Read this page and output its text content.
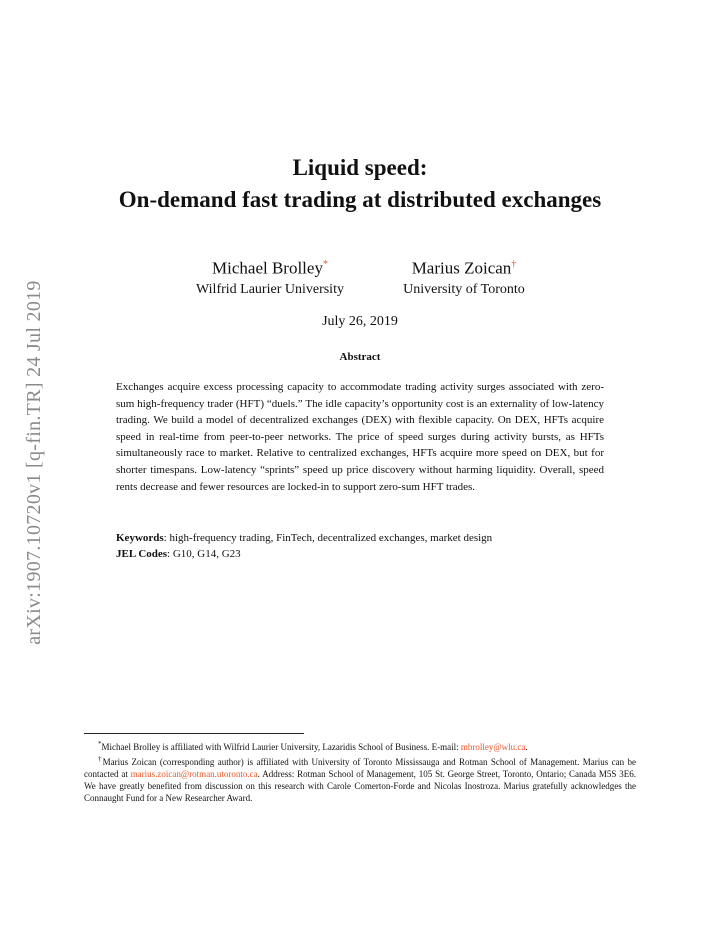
arXiv:1907.10720v1 [q-fin.TR] 24 Jul 2019
Liquid speed:
On-demand fast trading at distributed exchanges
Michael Brolley*
Wilfrid Laurier University
Marius Zoican†
University of Toronto
July 26, 2019
Abstract
Exchanges acquire excess processing capacity to accommodate trading activity surges associated with zero-sum high-frequency trader (HFT) “duels.” The idle capacity’s opportunity cost is an externality of low-latency trading. We build a model of decentralized exchanges (DEX) with flexible capacity. On DEX, HFTs acquire speed in real-time from peer-to-peer networks. The price of speed surges during activity bursts, as HFTs simultaneously race to market. Relative to centralized exchanges, HFTs acquire more speed on DEX, but for shorter timespans. Low-latency “sprints” speed up price discovery without harming liquidity. Overall, speed rents decrease and fewer resources are locked-in to support zero-sum HFT trades.
Keywords: high-frequency trading, FinTech, decentralized exchanges, market design
JEL Codes: G10, G14, G23

*Michael Brolley is affiliated with Wilfrid Laurier University, Lazaridis School of Business. E-mail: mbrolley@wlu.ca.

†Marius Zoican (corresponding author) is affiliated with University of Toronto Mississauga and Rotman School of Management. Marius can be contacted at marius.zoican@rotman.utoronto.ca. Address: Rotman School of Management, 105 St. George Street, Toronto, Ontario; Canada M5S 3E6. We have greatly benefited from discussion on this research with Carole Comerton-Forde and Nicolas Inostroza. Marius gratefully acknowledges the Connaught Fund for a New Researcher Award.
